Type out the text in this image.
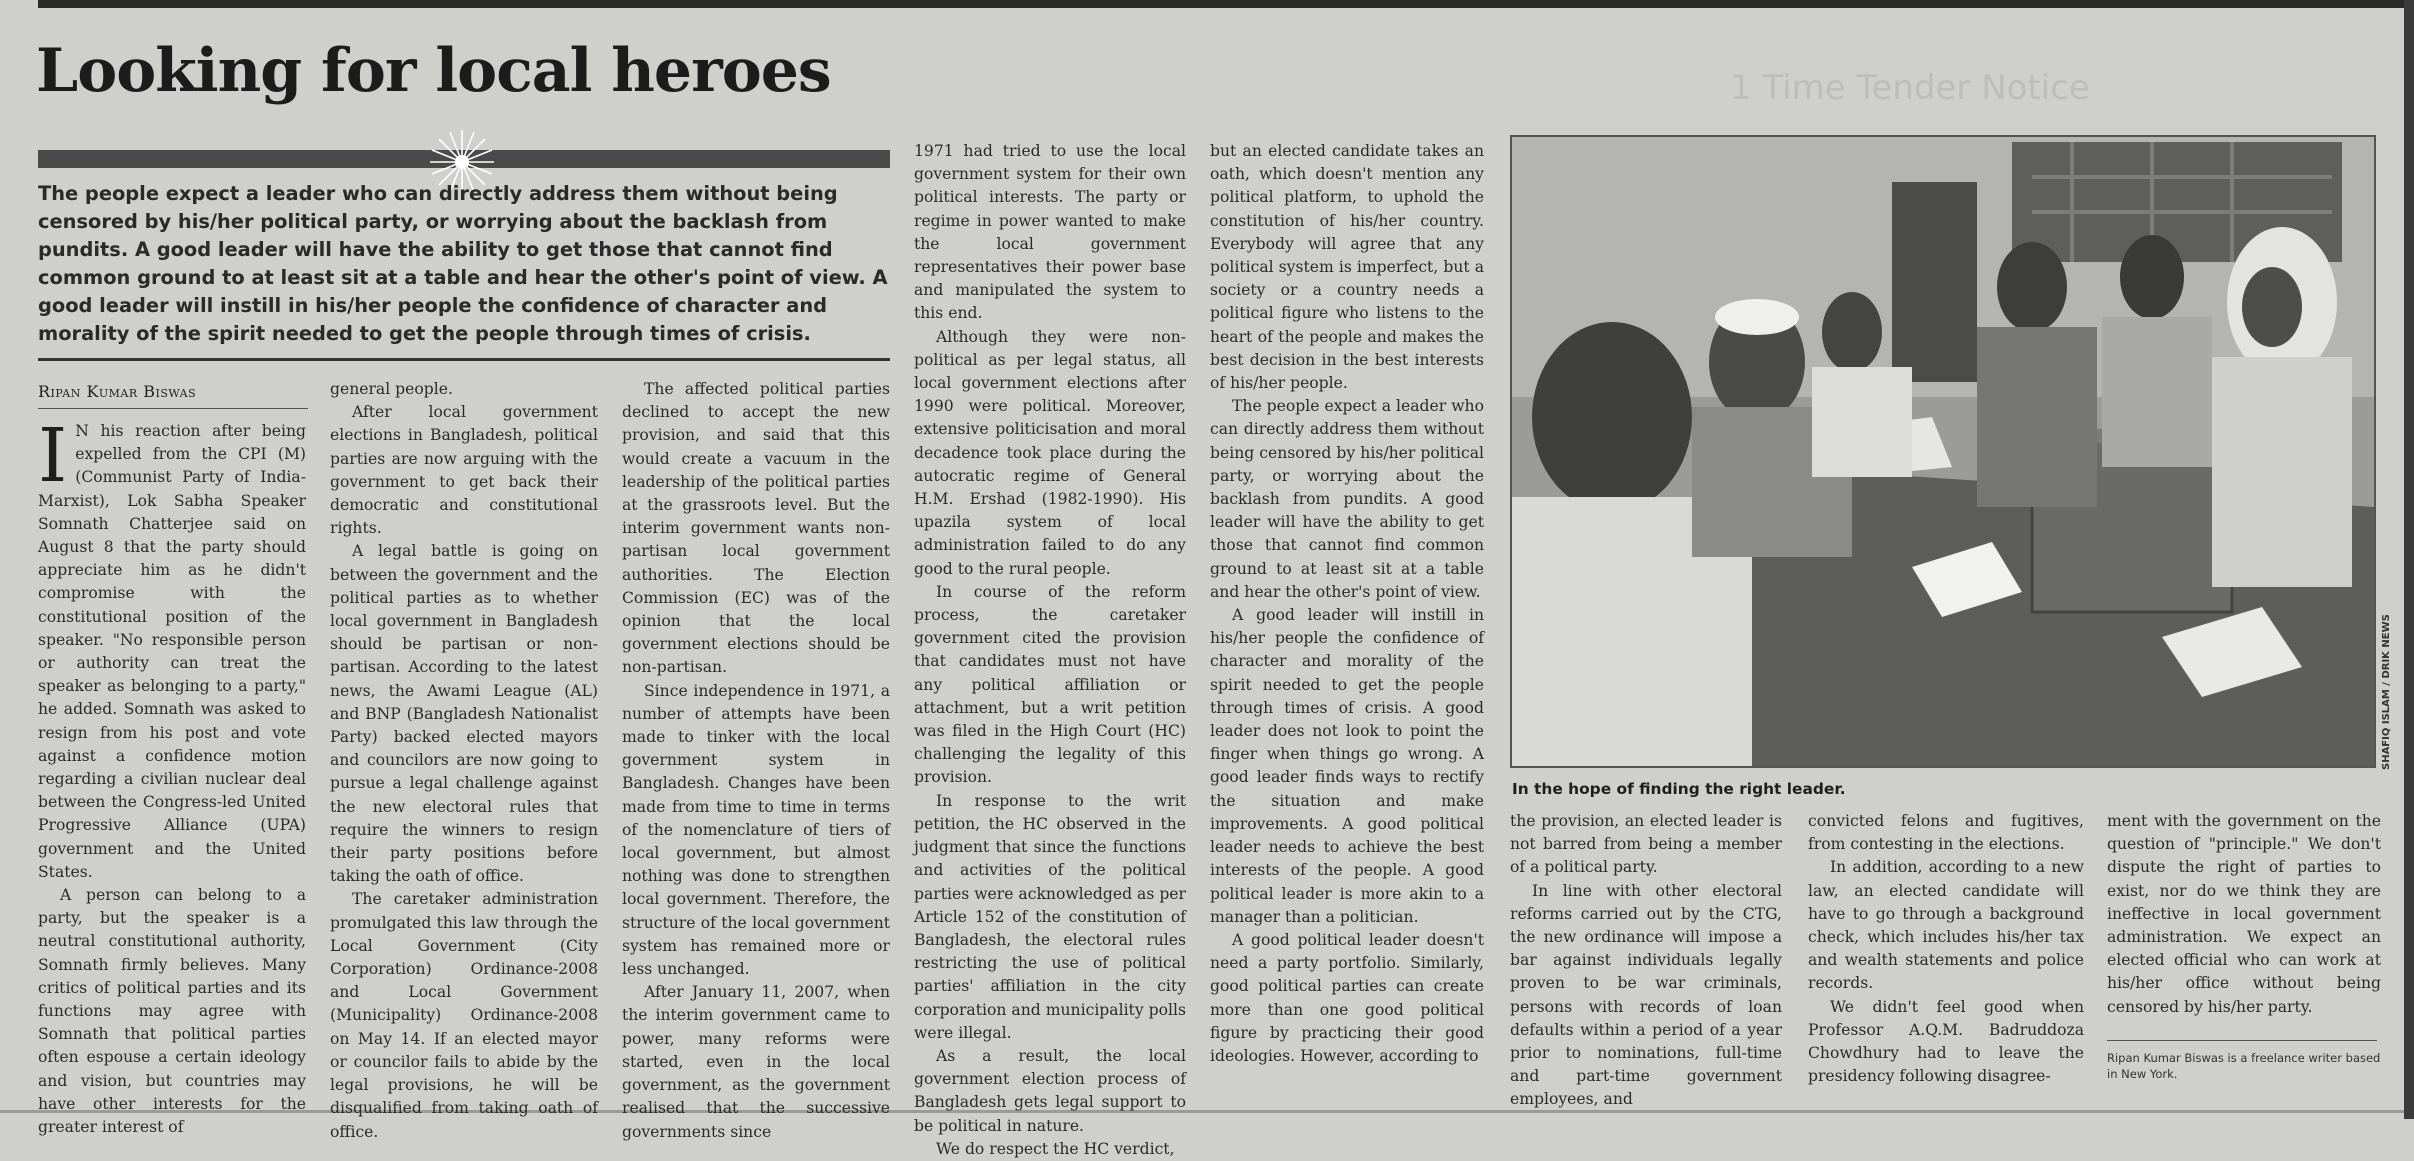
1 Time Tender Notice
Looking for local heroes

The people expect a leader who can directly address them without being censored by his/her political party, or worrying about the backlash from pundits. A good leader will have the ability to get those that cannot find common ground to at least sit at a table and hear the other's point of view. A good leader will instill in his/her people the confidence of character and morality of the spirit needed to get the people through times of crisis.

Ripan Kumar Biswas

I N his reaction after being expelled from the CPI (M) (Communist Party of India-Marxist), Lok Sabha Speaker Somnath Chatterjee said on August 8 that the party should appreciate him as he didn't compromise with the constitutional position of the speaker. "No responsible person or authority can treat the speaker as belonging to a party," he added. Somnath was asked to resign from his post and vote against a confidence motion regarding a civilian nuclear deal between the Congress-led United Progressive Alliance (UPA) government and the United States.

A person can belong to a party, but the speaker is a neutral constitutional authority, Somnath firmly believes. Many critics of political parties and its functions may agree with Somnath that political parties often espouse a certain ideology and vision, but countries may have other interests for the greater interest of

general people.

After local government elections in Bangladesh, political parties are now arguing with the government to get back their democratic and constitutional rights.

A legal battle is going on between the government and the political parties as to whether local government in Bangladesh should be partisan or non-partisan. According to the latest news, the Awami League (AL) and BNP (Bangladesh Nationalist Party) backed elected mayors and councilors are now going to pursue a legal challenge against the new electoral rules that require the winners to resign their party positions before taking the oath of office.

The caretaker administration promulgated this law through the Local Government (City Corporation) Ordinance-2008 and Local Government (Municipality) Ordinance-2008 on May 14. If an elected mayor or councilor fails to abide by the legal provisions, he will be disqualified from taking oath of office.

The affected political parties declined to accept the new provision, and said that this would create a vacuum in the leadership of the political parties at the grassroots level. But the interim government wants non-partisan local government authorities. The Election Commission (EC) was of the opinion that the local government elections should be non-partisan.

Since independence in 1971, a number of attempts have been made to tinker with the local government system in Bangladesh. Changes have been made from time to time in terms of the nomenclature of tiers of local government, but almost nothing was done to strengthen local government. Therefore, the structure of the local government system has remained more or less unchanged.

After January 11, 2007, when the interim government came to power, many reforms were started, even in the local government, as the government realised that the successive governments since

1971 had tried to use the local government system for their own political interests. The party or regime in power wanted to make the local government representatives their power base and manipulated the system to this end.

Although they were non-political as per legal status, all local government elections after 1990 were political. Moreover, extensive politicisation and moral decadence took place during the autocratic regime of General H.M. Ershad (1982-1990). His upazila system of local administration failed to do any good to the rural people.

In course of the reform process, the caretaker government cited the provision that candidates must not have any political affiliation or attachment, but a writ petition was filed in the High Court (HC) challenging the legality of this provision.

In response to the writ petition, the HC observed in the judgment that since the functions and activities of the political parties were acknowledged as per Article 152 of the constitution of Bangladesh, the electoral rules restricting the use of political parties' affiliation in the city corporation and municipality polls were illegal.

As a result, the local government election process of Bangladesh gets legal support to be political in nature.

We do respect the HC verdict,

but an elected candidate takes an oath, which doesn't mention any political platform, to uphold the constitution of his/her country. Everybody will agree that any political system is imperfect, but a society or a country needs a political figure who listens to the heart of the people and makes the best decision in the best interests of his/her people.

The people expect a leader who can directly address them without being censored by his/her political party, or worrying about the backlash from pundits. A good leader will have the ability to get those that cannot find common ground to at least sit at a table and hear the other's point of view.

A good leader will instill in his/her people the confidence of character and morality of the spirit needed to get the people through times of crisis. A good leader does not look to point the finger when things go wrong. A good leader finds ways to rectify the situation and make improvements. A good political leader needs to achieve the best interests of the people. A good political leader is more akin to a manager than a politician.

A good political leader doesn't need a party portfolio. Similarly, good political parties can create more than one good political figure by practicing their good ideologies. However, according to

SHAFIQ ISLAM / DRIK NEWS
In the hope of finding the right leader.

the provision, an elected leader is not barred from being a member of a political party.

In line with other electoral reforms carried out by the CTG, the new ordinance will impose a bar against individuals legally proven to be war criminals, persons with records of loan defaults within a period of a year prior to nominations, full-time and part-time government employees, and

convicted felons and fugitives, from contesting in the elections.

In addition, according to a new law, an elected candidate will have to go through a background check, which includes his/her tax and wealth statements and police records.

We didn't feel good when Professor A.Q.M. Badruddoza Chowdhury had to leave the presidency following disagree-

ment with the government on the question of "principle." We don't dispute the right of parties to exist, nor do we think they are ineffective in local government administration. We expect an elected official who can work at his/her office without being censored by his/her party.

Ripan Kumar Biswas is a freelance writer based in New York.
